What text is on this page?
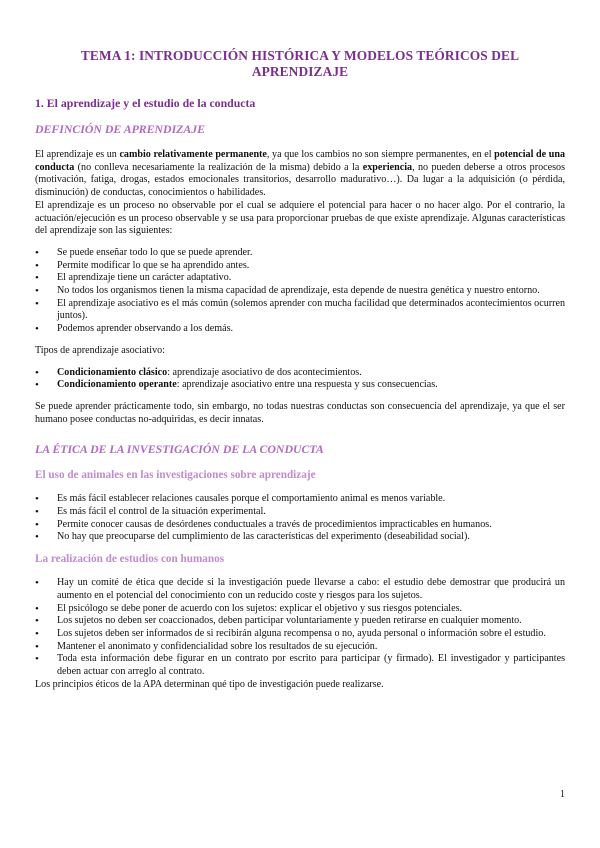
TEMA 1: INTRODUCCIÓN HISTÓRICA Y MODELOS TEÓRICOS DEL APRENDIZAJE
1. El aprendizaje y el estudio de la conducta
DEFINCIÓN DE APRENDIZAJE

El aprendizaje es un cambio relativamente permanente, ya que los cambios no son siempre permanentes, en el potencial de una conducta (no conlleva necesariamente la realización de la misma) debido a la experiencia, no pueden deberse a otros procesos (motivación, fatiga, drogas, estados emocionales transitorios, desarrollo madurativo…). Da lugar a la adquisición (o pérdida, disminución) de conductas, conocimientos o habilidades.

El aprendizaje es un proceso no observable por el cual se adquiere el potencial para hacer o no hacer algo. Por el contrario, la actuación/ejecución es un proceso observable y se usa para proporcionar pruebas de que existe aprendizaje. Algunas características del aprendizaje son las siguientes:

• Se puede enseñar todo lo que se puede aprender.
• Permite modificar lo que se ha aprendido antes.
• El aprendizaje tiene un carácter adaptativo.
• No todos los organismos tienen la misma capacidad de aprendizaje, esta depende de nuestra genética y nuestro entorno.
• El aprendizaje asociativo es el más común (solemos aprender con mucha facilidad que determinados acontecimientos ocurren juntos).
• Podemos aprender observando a los demás.

Tipos de aprendizaje asociativo:

• Condicionamiento clásico: aprendizaje asociativo de dos acontecimientos.
• Condicionamiento operante: aprendizaje asociativo entre una respuesta y sus consecuencias.

Se puede aprender prácticamente todo, sin embargo, no todas nuestras conductas son consecuencia del aprendizaje, ya que el ser humano posee conductas no-adquiridas, es decir innatas.

LA ÉTICA DE LA INVESTIGACIÓN DE LA CONDUCTA
El uso de animales en las investigaciones sobre aprendizaje
• Es más fácil establecer relaciones causales porque el comportamiento animal es menos variable.
• Es más fácil el control de la situación experimental.
• Permite conocer causas de desórdenes conductuales a través de procedimientos impracticables en humanos.
• No hay que preocuparse del cumplimiento de las características del experimento (deseabilidad social).
La realización de estudios con humanos
• Hay un comité de ética que decide si la investigación puede llevarse a cabo: el estudio debe demostrar que producirá un aumento en el potencial del conocimiento con un reducido coste y riesgos para los sujetos.
• El psicólogo se debe poner de acuerdo con los sujetos: explicar el objetivo y sus riesgos potenciales.
• Los sujetos no deben ser coaccionados, deben participar voluntariamente y pueden retirarse en cualquier momento.
• Los sujetos deben ser informados de si recibirán alguna recompensa o no, ayuda personal o información sobre el estudio.
• Mantener el anonimato y confidencialidad sobre los resultados de su ejecución.
• Toda esta información debe figurar en un contrato por escrito para participar (y firmado). El investigador y participantes deben actuar con arreglo al contrato.

Los principios éticos de la APA determinan qué tipo de investigación puede realizarse.

1
